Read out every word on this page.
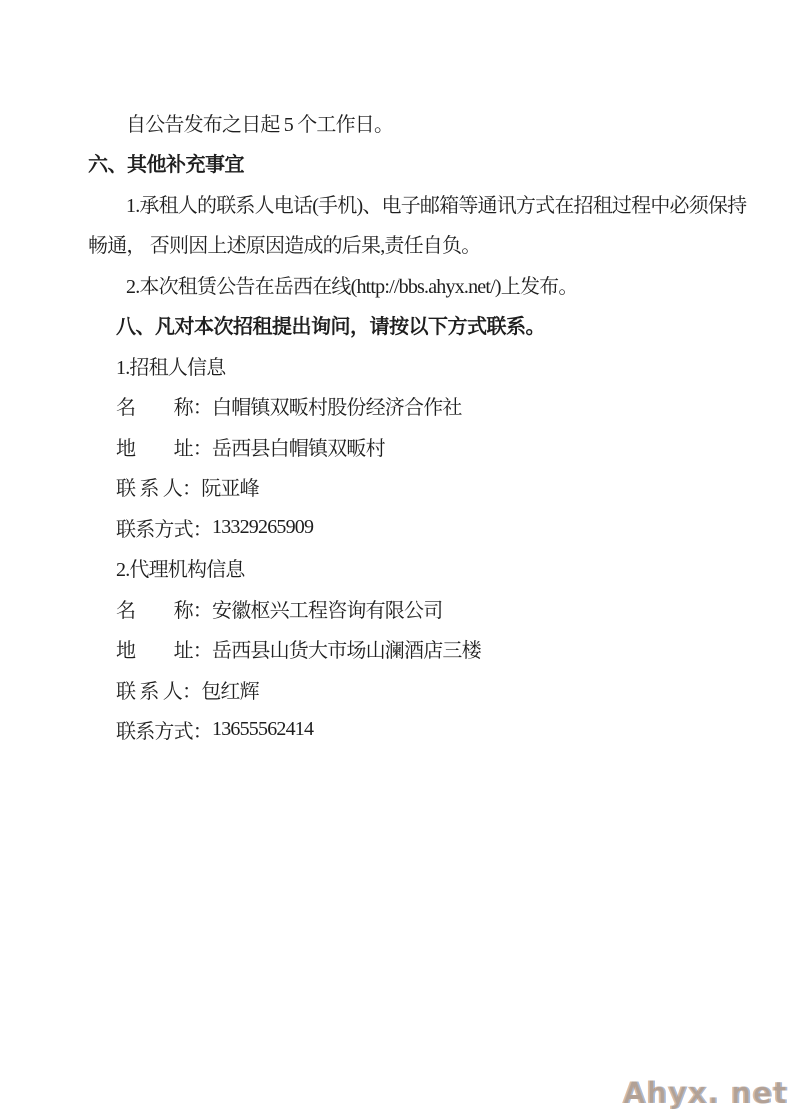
自公告发布之日起 5 个工作日。
六、其他补充事宜
1.承租人的联系人电话(手机)、电子邮箱等通讯方式在招租过程中必须保持
畅通， 否则因上述原因造成的后果,责任自负。
2.本次租赁公告在岳西在线(http://bbs.ahyx.net/)上发布。
八、凡对本次招租提出询问，请按以下方式联系。
1.招租人信息
名　　称： 白帽镇双畈村股份经济合作社
地　　址： 岳西县白帽镇双畈村
联 系 人： 阮亚峰
联系方式： 13329265909
2.代理机构信息
名　　称： 安徽枢兴工程咨询有限公司
地　　址： 岳西县山货大市场山澜酒店三楼
联 系 人： 包红辉
联系方式： 13655562414
Ahyx. net
